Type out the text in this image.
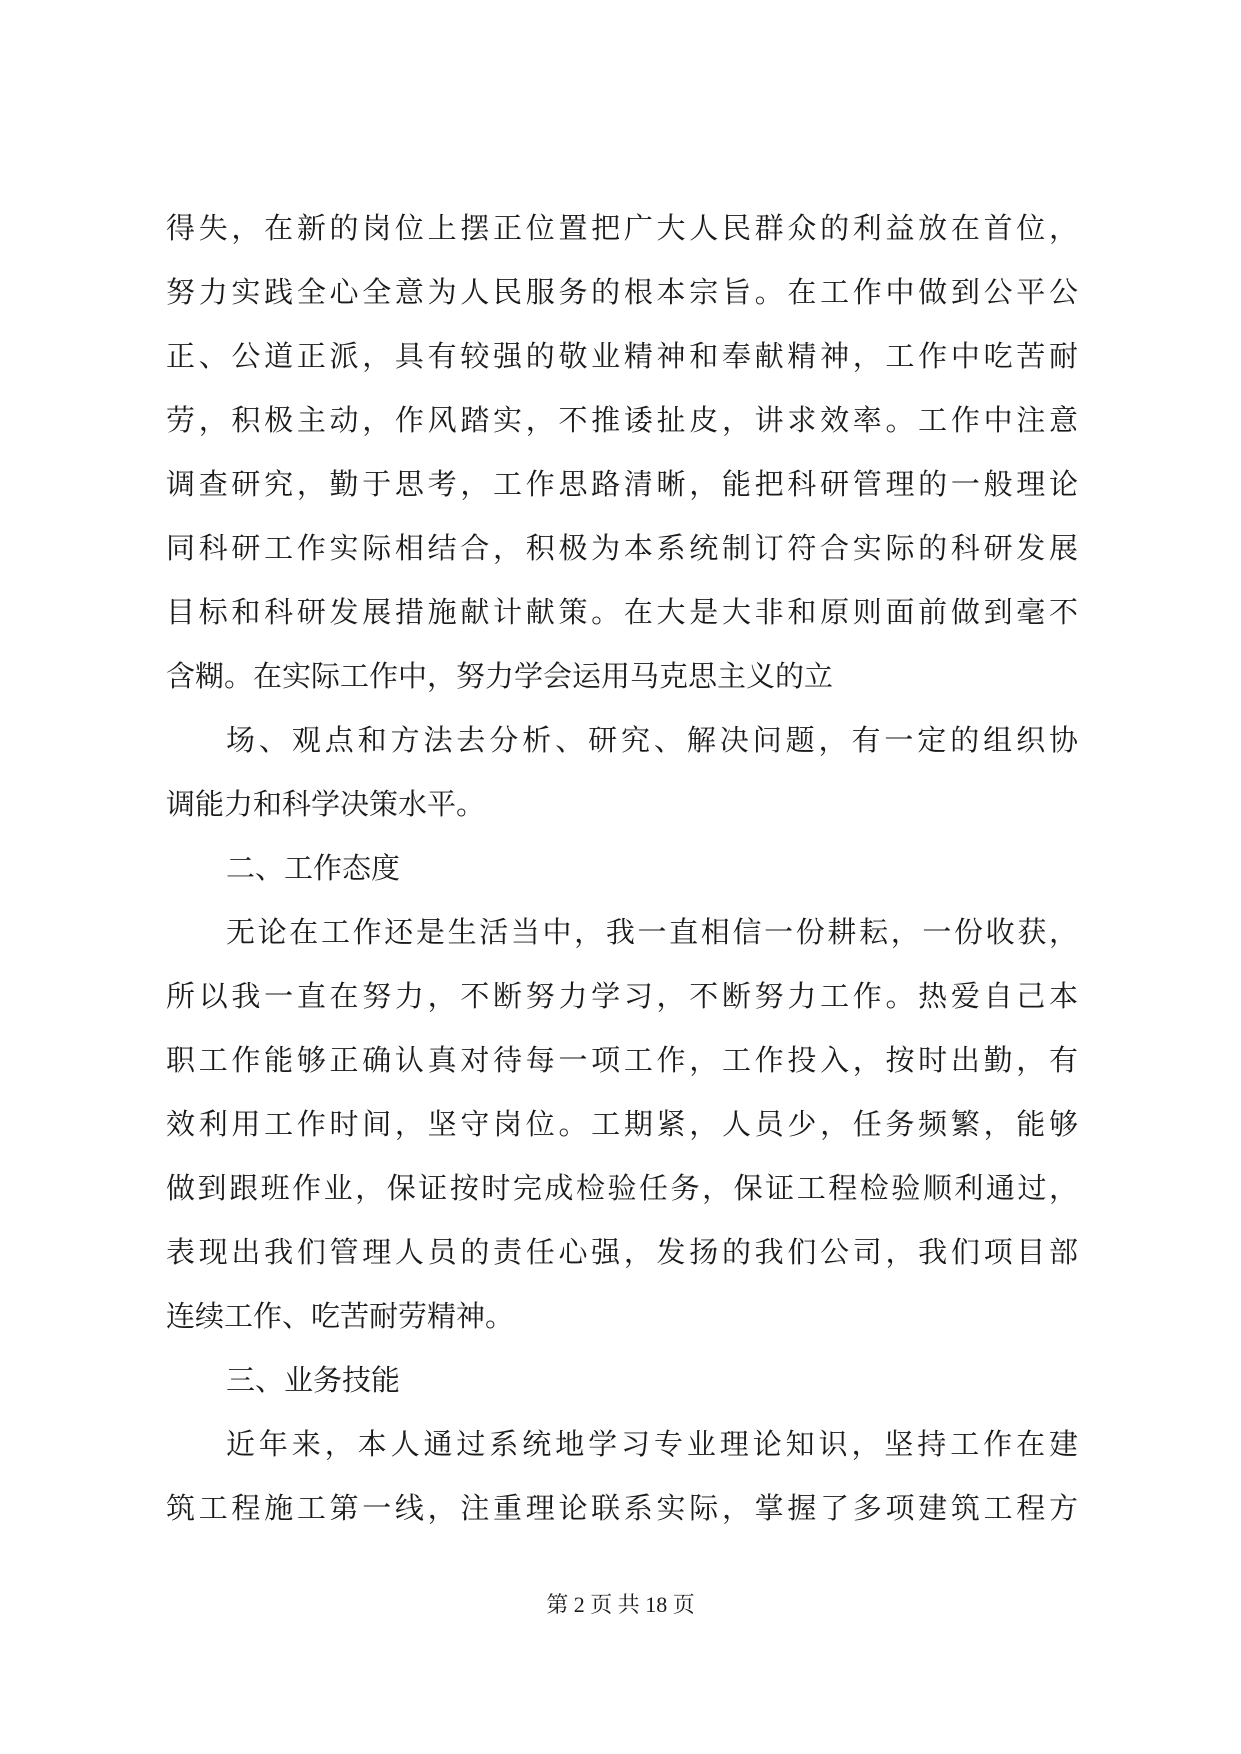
得失，在新的岗位上摆正位置把广大人民群众的利益放在首位，
努力实践全心全意为人民服务的根本宗旨。在工作中做到公平公
正、公道正派，具有较强的敬业精神和奉献精神，工作中吃苦耐
劳，积极主动，作风踏实，不推诿扯皮，讲求效率。工作中注意
调查研究，勤于思考，工作思路清晰，能把科研管理的一般理论
同科研工作实际相结合，积极为本系统制订符合实际的科研发展
目标和科研发展措施献计献策。在大是大非和原则面前做到毫不
含糊。在实际工作中，努力学会运用马克思主义的立
场、观点和方法去分析、研究、解决问题，有一定的组织协
调能力和科学决策水平。
二、工作态度
无论在工作还是生活当中，我一直相信一份耕耘，一份收获，
所以我一直在努力，不断努力学习，不断努力工作。热爱自己本
职工作能够正确认真对待每一项工作，工作投入，按时出勤，有
效利用工作时间，坚守岗位。工期紧，人员少，任务频繁，能够
做到跟班作业，保证按时完成检验任务，保证工程检验顺利通过，
表现出我们管理人员的责任心强，发扬的我们公司，我们项目部
连续工作、吃苦耐劳精神。
三、业务技能
近年来，本人通过系统地学习专业理论知识，坚持工作在建
筑工程施工第一线，注重理论联系实际，掌握了多项建筑工程方
第 2 页 共 18 页
